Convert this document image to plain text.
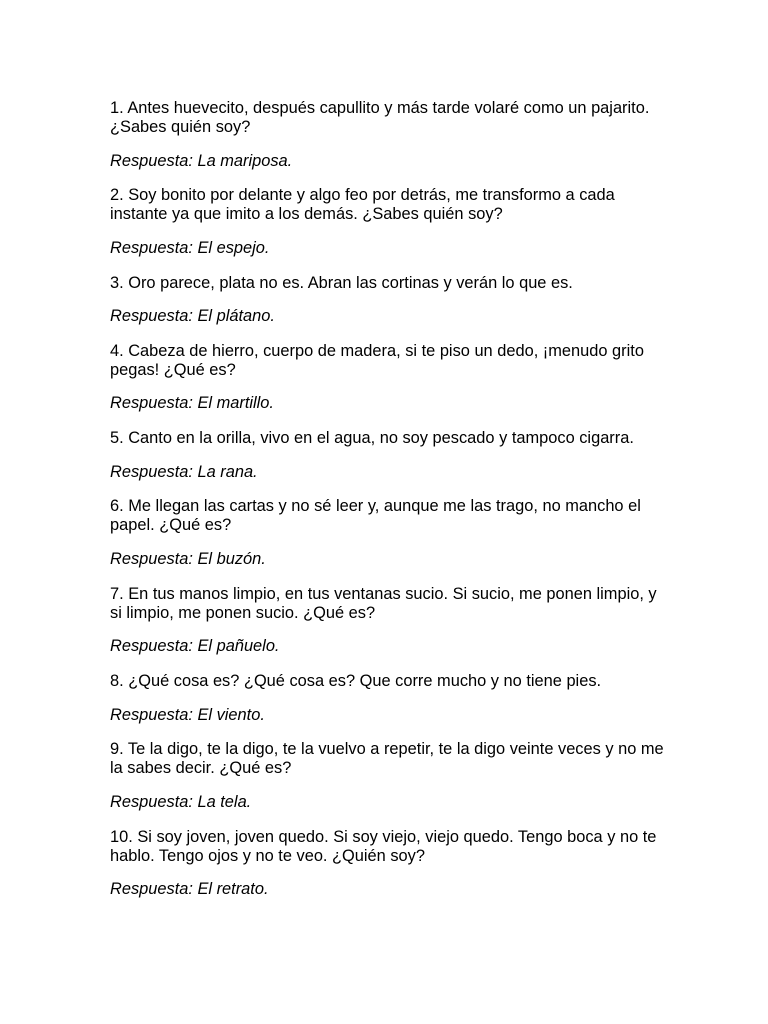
1. Antes huevecito, después capullito y más tarde volaré como un pajarito. ¿Sabes quién soy?

Respuesta: La mariposa.

2. Soy bonito por delante y algo feo por detrás, me transformo a cada instante ya que imito a los demás. ¿Sabes quién soy?

Respuesta: El espejo.

3. Oro parece, plata no es. Abran las cortinas y verán lo que es.

Respuesta: El plátano.

4. Cabeza de hierro, cuerpo de madera, si te piso un dedo, ¡menudo grito pegas! ¿Qué es?

Respuesta: El martillo.

5. Canto en la orilla, vivo en el agua, no soy pescado y tampoco cigarra.

Respuesta: La rana.

6. Me llegan las cartas y no sé leer y, aunque me las trago, no mancho el papel. ¿Qué es?

Respuesta: El buzón.

7. En tus manos limpio, en tus ventanas sucio. Si sucio, me ponen limpio, y si limpio, me ponen sucio. ¿Qué es?

Respuesta: El pañuelo.

8. ¿Qué cosa es? ¿Qué cosa es? Que corre mucho y no tiene pies.

Respuesta: El viento.

9. Te la digo, te la digo, te la vuelvo a repetir, te la digo veinte veces y no me la sabes decir. ¿Qué es?

Respuesta: La tela.

10. Si soy joven, joven quedo. Si soy viejo, viejo quedo. Tengo boca y no te hablo. Tengo ojos y no te veo. ¿Quién soy?

Respuesta: El retrato.
